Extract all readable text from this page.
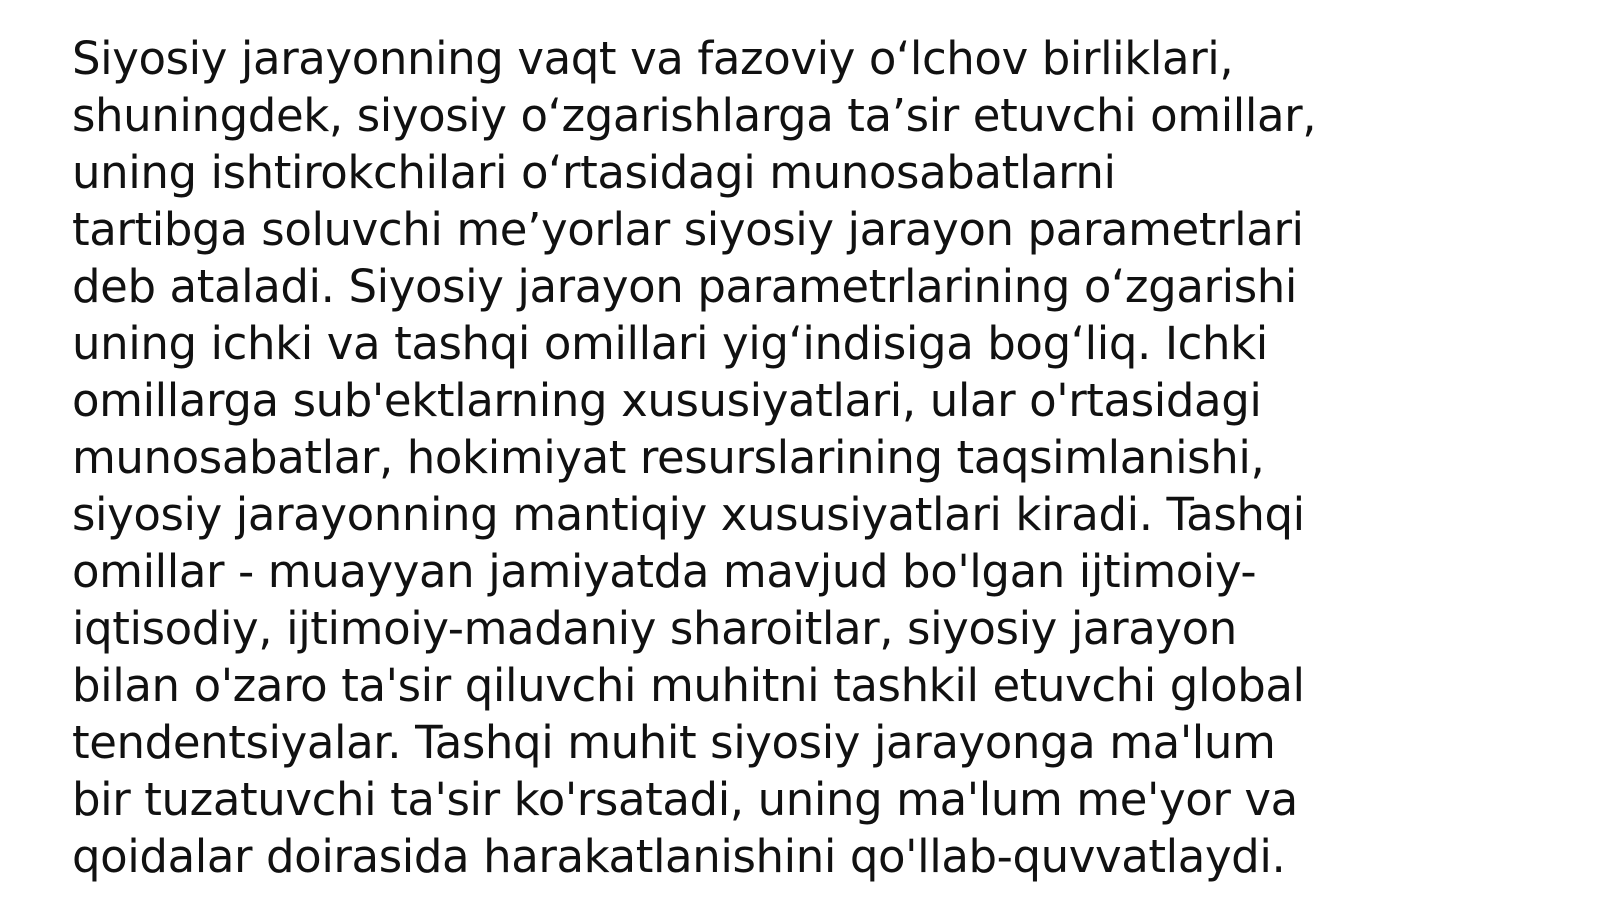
Siyosiy jarayonning vaqt va fazoviy oʻlchov birliklari,
shuningdek, siyosiy oʻzgarishlarga taʼsir etuvchi omillar,
uning ishtirokchilari oʻrtasidagi munosabatlarni
tartibga soluvchi meʼyorlar siyosiy jarayon parametrlari
deb ataladi. Siyosiy jarayon parametrlarining oʻzgarishi
uning ichki va tashqi omillari yigʻindisiga bogʻliq. Ichki
omillarga sub'ektlarning xususiyatlari, ular o'rtasidagi
munosabatlar, hokimiyat resurslarining taqsimlanishi,
siyosiy jarayonning mantiqiy xususiyatlari kiradi. Tashqi
omillar - muayyan jamiyatda mavjud bo'lgan ijtimoiy-
iqtisodiy, ijtimoiy-madaniy sharoitlar, siyosiy jarayon
bilan o'zaro ta'sir qiluvchi muhitni tashkil etuvchi global
tendentsiyalar. Tashqi muhit siyosiy jarayonga ma'lum
bir tuzatuvchi ta'sir ko'rsatadi, uning ma'lum me'yor va
qoidalar doirasida harakatlanishini qo'llab-quvvatlaydi.
